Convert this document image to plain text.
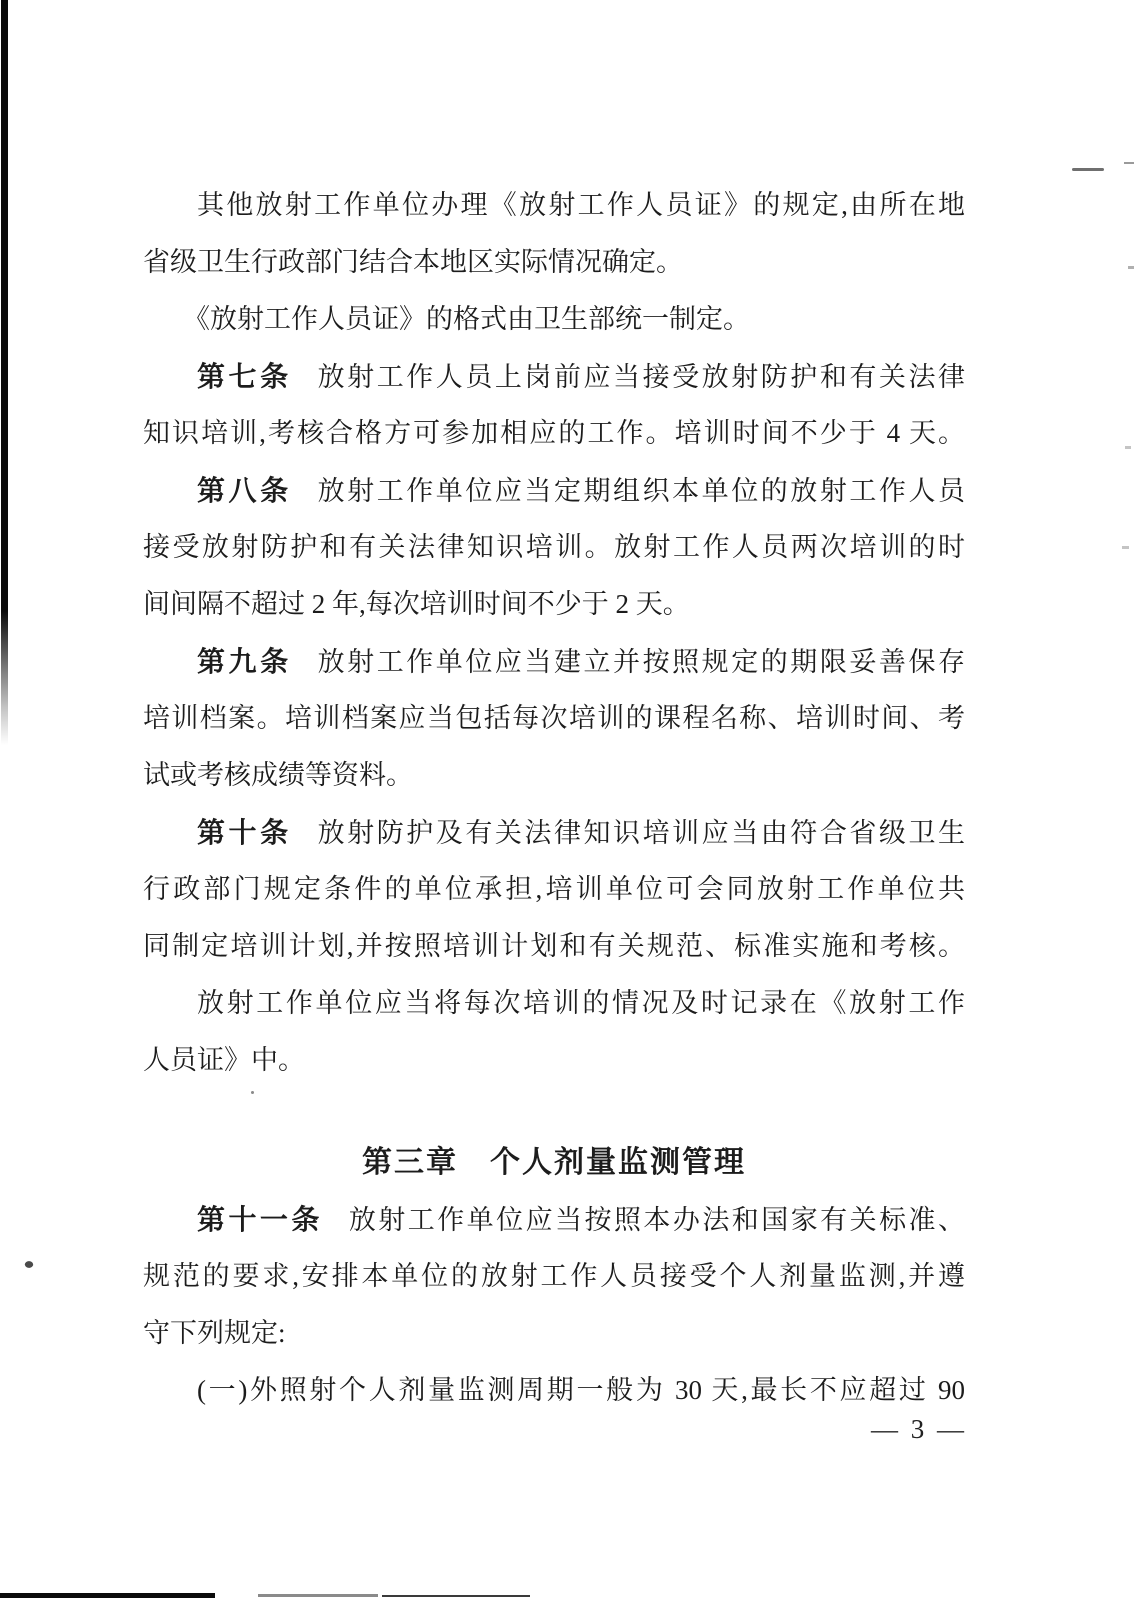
其他放射工作单位办理《放射工作人员证》的规定,由所在地
省级卫生行政部门结合本地区实际情况确定。
《放射工作人员证》的格式由卫生部统一制定。
第七条 放射工作人员上岗前应当接受放射防护和有关法律
知识培训,考核合格方可参加相应的工作。培训时间不少于 4 天。
第八条 放射工作单位应当定期组织本单位的放射工作人员
接受放射防护和有关法律知识培训。放射工作人员两次培训的时
间间隔不超过 2 年,每次培训时间不少于 2 天。
第九条 放射工作单位应当建立并按照规定的期限妥善保存
培训档案。培训档案应当包括每次培训的课程名称、培训时间、考
试或考核成绩等资料。
第十条 放射防护及有关法律知识培训应当由符合省级卫生
行政部门规定条件的单位承担,培训单位可会同放射工作单位共
同制定培训计划,并按照培训计划和有关规范、标准实施和考核。
放射工作单位应当将每次培训的情况及时记录在《放射工作
人员证》中。
第三章　个人剂量监测管理
第十一条 放射工作单位应当按照本办法和国家有关标准、
规范的要求,安排本单位的放射工作人员接受个人剂量监测,并遵
守下列规定:
(一)外照射个人剂量监测周期一般为 30 天,最长不应超过 90
— 3 —
